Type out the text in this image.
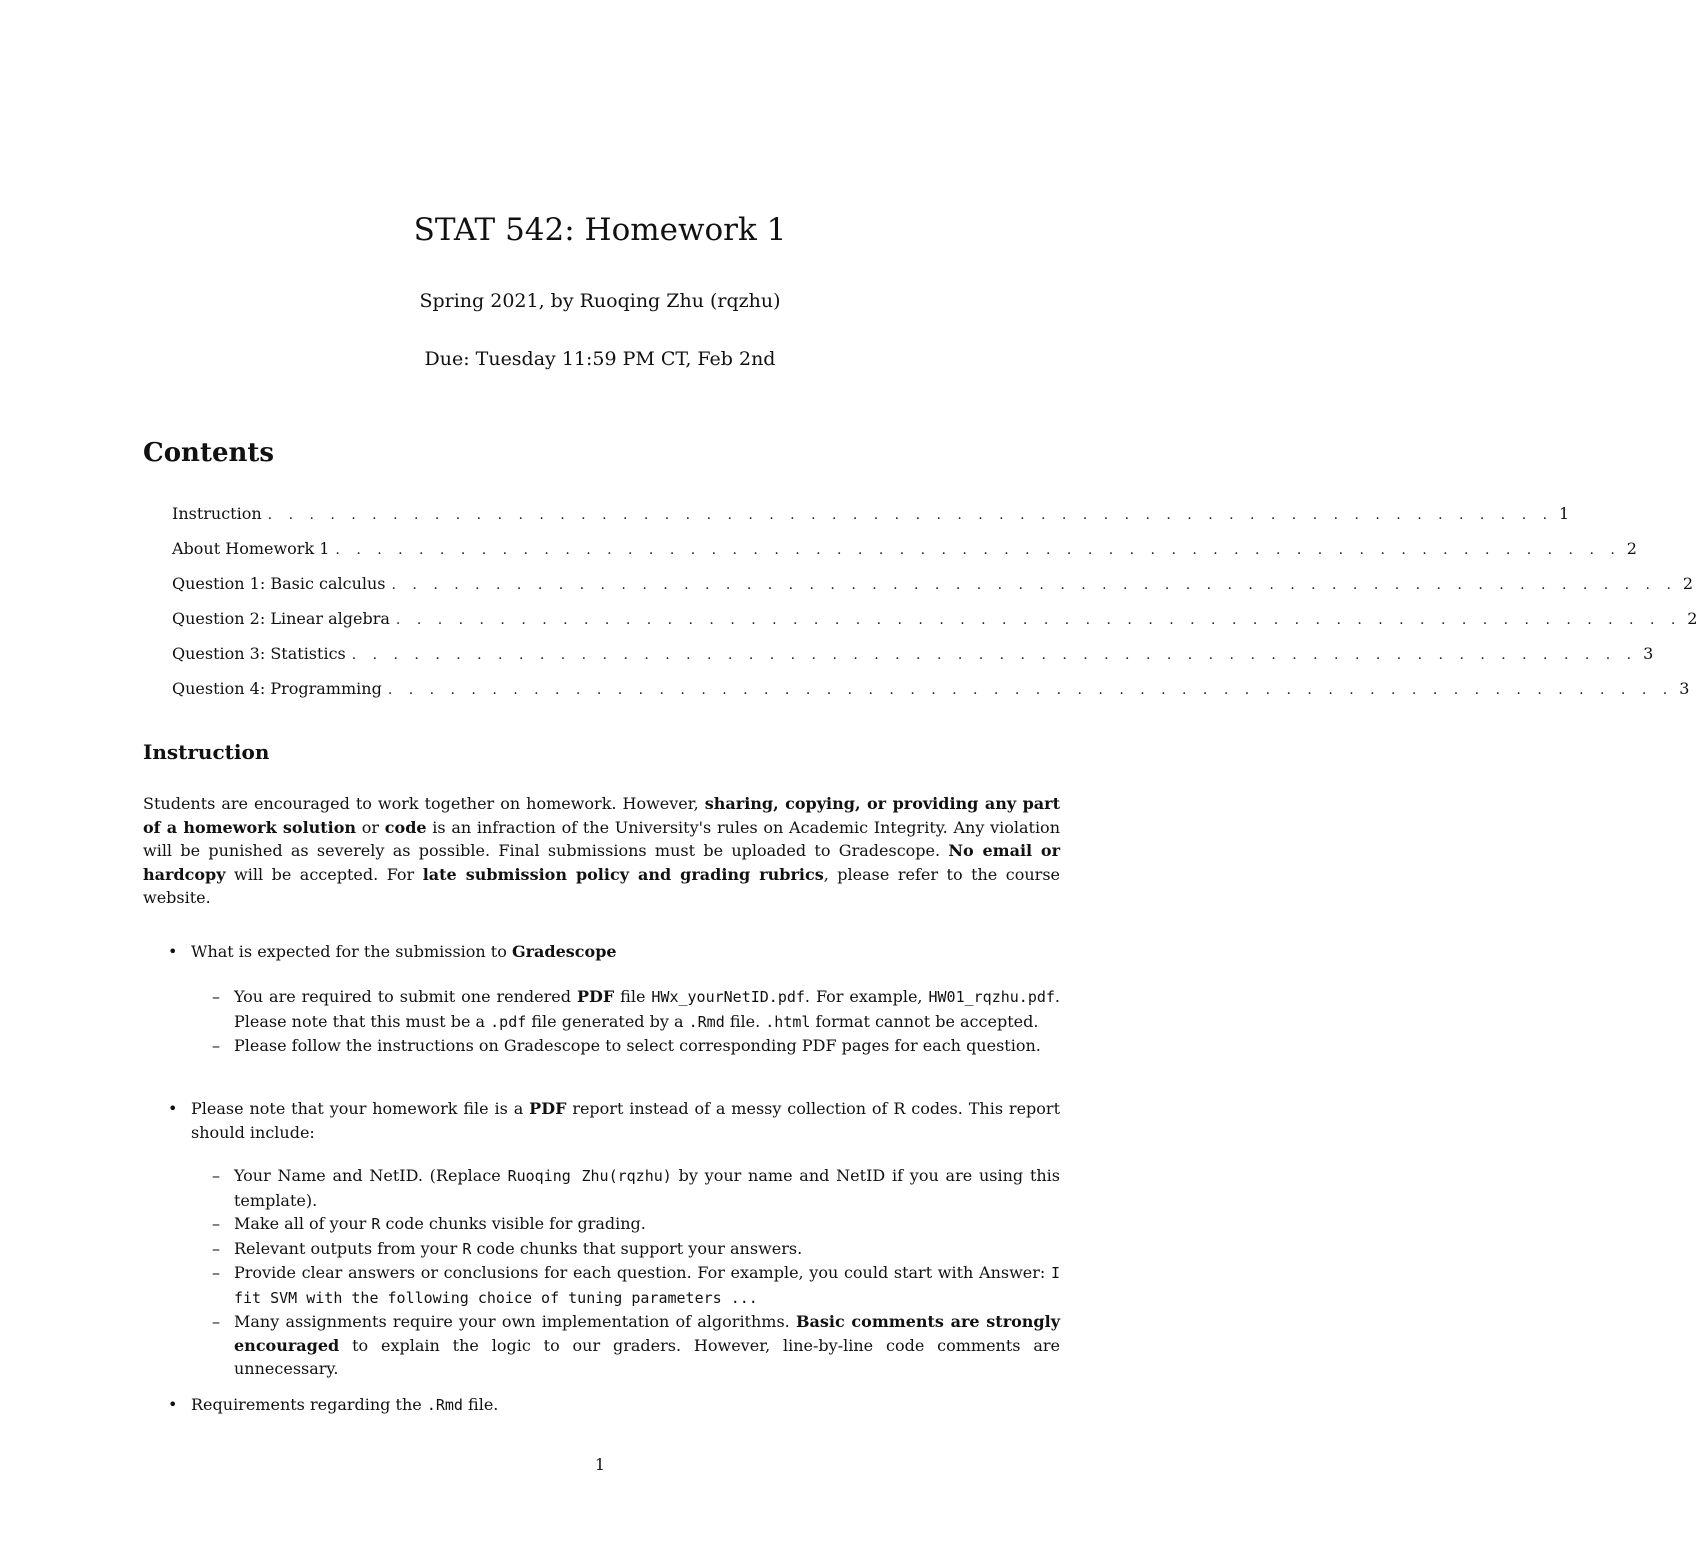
STAT 542: Homework 1

Spring 2021, by Ruoqing Zhu (rqzhu)

Due: Tuesday 11:59 PM CT, Feb 2nd

Contents
Instruction . . . . . . . . . . . . . . . . . . . . . . . . . . . . . . . . . . . . . . . . . . . . . . . . . . . . . . . . . . . . . . 1
About Homework 1 . . . . . . . . . . . . . . . . . . . . . . . . . . . . . . . . . . . . . . . . . . . . . . . . . . . . . . . . . . . . . . 2
Question 1: Basic calculus . . . . . . . . . . . . . . . . . . . . . . . . . . . . . . . . . . . . . . . . . . . . . . . . . . . . . . . . . . . . . . 2
Question 2: Linear algebra . . . . . . . . . . . . . . . . . . . . . . . . . . . . . . . . . . . . . . . . . . . . . . . . . . . . . . . . . . . . . . 2
Question 3: Statistics . . . . . . . . . . . . . . . . . . . . . . . . . . . . . . . . . . . . . . . . . . . . . . . . . . . . . . . . . . . . . . 3
Question 4: Programming . . . . . . . . . . . . . . . . . . . . . . . . . . . . . . . . . . . . . . . . . . . . . . . . . . . . . . . . . . . . . . 3
Instruction

Students are encouraged to work together on homework. However, sharing, copying, or providing any part of a homework solution or code is an infraction of the University's rules on Academic Integrity. Any violation will be punished as severely as possible. Final submissions must be uploaded to Gradescope. No email or hardcopy will be accepted. For late submission policy and grading rubrics, please refer to the course website.

• What is expected for the submission to Gradescope

– You are required to submit one rendered PDF file HWx_yourNetID.pdf. For example, HW01_rqzhu.pdf. Please note that this must be a .pdf file generated by a .Rmd file. .html format cannot be accepted.
– Please follow the instructions on Gradescope to select corresponding PDF pages for each question.

• Please note that your homework file is a PDF report instead of a messy collection of R codes. This report should include:

– Your Name and NetID. (Replace Ruoqing Zhu(rqzhu) by your name and NetID if you are using this template).
– Make all of your R code chunks visible for grading.
– Relevant outputs from your R code chunks that support your answers.
– Provide clear answers or conclusions for each question. For example, you could start with Answer: I fit SVM with the following choice of tuning parameters ...
– Many assignments require your own implementation of algorithms. Basic comments are strongly encouraged to explain the logic to our graders. However, line-by-line code comments are unnecessary.

• Requirements regarding the .Rmd file.

1
